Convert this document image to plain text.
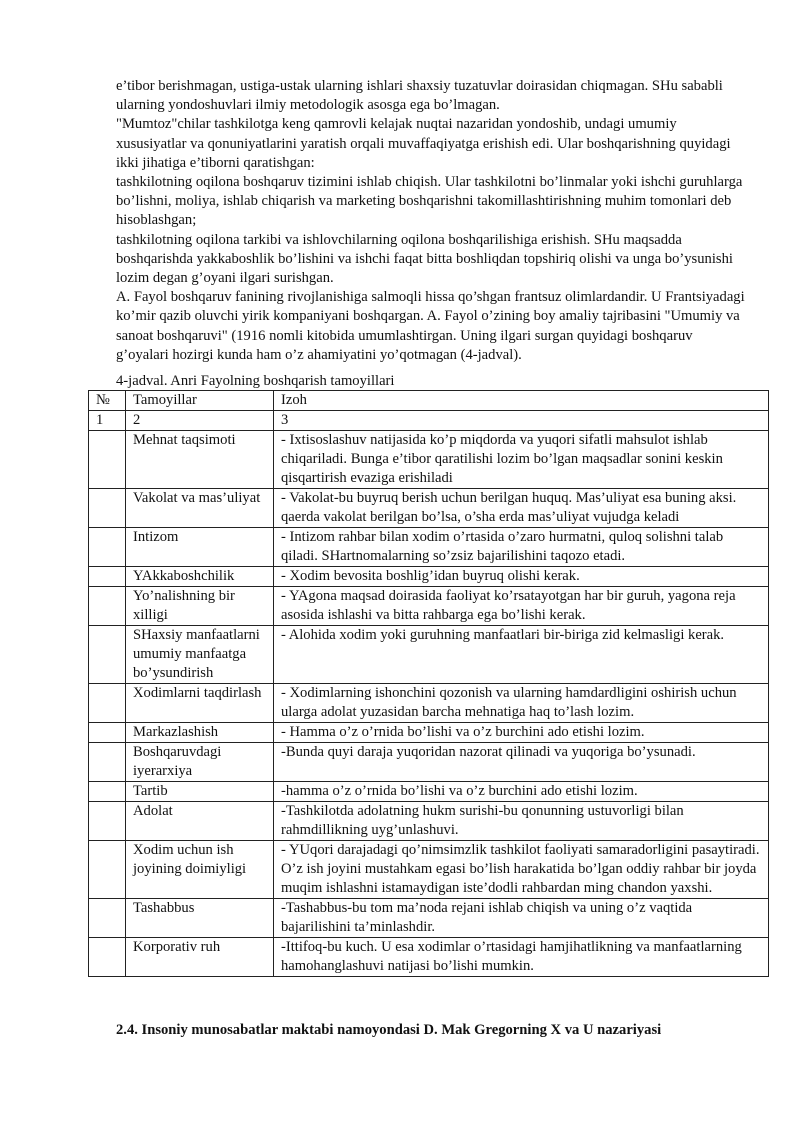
e’tibor berishmagan, ustiga-ustak ularning ishlari shaxsiy tuzatuvlar doirasidan chiqmagan. SHu sababli ularning yondoshuvlari ilmiy metodologik asosga ega bo’lmagan.

"Mumtoz"chilar tashkilotga keng qamrovli kelajak nuqtai nazaridan yondoshib, undagi umumiy xususiyatlar va qonuniyatlarini yaratish orqali muvaffaqiyatga erishish edi. Ular boshqarishning quyidagi ikki jihatiga e’tiborni qaratishgan:

tashkilotning oqilona boshqaruv tizimini ishlab chiqish. Ular tashkilotni bo’linmalar yoki ishchi guruhlarga bo’lishni, moliya, ishlab chiqarish va marketing boshqarishni takomillashtirishning muhim tomonlari deb hisoblashgan;

tashkilotning oqilona tarkibi va ishlovchilarning oqilona boshqarilishiga erishish. SHu maqsadda boshqarishda yakkaboshlik bo’lishini va ishchi faqat bitta boshliqdan topshiriq olishi va unga bo’ysunishi lozim degan g’oyani ilgari surishgan.

A. Fayol boshqaruv fanining rivojlanishiga salmoqli hissa qo’shgan frantsuz olimlardandir. U Frantsiyadagi ko’mir qazib oluvchi yirik kompaniyani boshqargan. A. Fayol o’zining boy amaliy tajribasini "Umumiy va sanoat boshqaruvi" (1916 nomli kitobida umumlashtirgan. Uning ilgari surgan quyidagi boshqaruv g’oyalari hozirgi kunda ham o’z ahamiyatini yo’qotmagan (4-jadval).

4-jadval. Anri Fayolning boshqarish tamoyillari
№	Tamoyillar	Izoh
1	2	3
	Mehnat taqsimoti	- Ixtisoslashuv natijasida ko’p miqdorda va yuqori sifatli mahsulot ishlab chiqariladi. Bunga e’tibor qaratilishi lozim bo’lgan maqsadlar sonini keskin qisqartirish evaziga erishiladi
	Vakolat va mas’uliyat	- Vakolat-bu buyruq berish uchun berilgan huquq. Mas’uliyat esa buning aksi. qaerda vakolat berilgan bo’lsa, o’sha erda mas’uliyat vujudga keladi
	Intizom	- Intizom rahbar bilan xodim o’rtasida o’zaro hurmatni, quloq solishni talab qiladi. SHartnomalarning so’zsiz bajarilishini taqozo etadi.
	YAkkaboshchilik	- Xodim bevosita boshlig’idan buyruq olishi kerak.
	Yo’nalishning bir xilligi	- YAgona maqsad doirasida faoliyat ko’rsatayotgan har bir guruh, yagona reja asosida ishlashi va bitta rahbarga ega bo’lishi kerak.
	SHaxsiy manfaatlarni umumiy manfaatga bo’ysundirish	- Alohida xodim yoki guruhning manfaatlari bir-biriga zid kelmasligi kerak.
	Xodimlarni taqdirlash	- Xodimlarning ishonchini qozonish va ularning hamdardligini oshirish uchun ularga adolat yuzasidan barcha mehnatiga haq to’lash lozim.
	Markazlashish	- Hamma o’z o’rnida bo’lishi va o’z burchini ado etishi lozim.
	Boshqaruvdagi iyerarxiya	-Bunda quyi daraja yuqoridan nazorat qilinadi va yuqoriga bo’ysunadi.
	Tartib	-hamma o’z o’rnida bo’lishi va o’z burchini ado etishi lozim.
	Adolat	-Tashkilotda adolatning hukm surishi-bu qonunning ustuvorligi bilan rahmdillikning uyg’unlashuvi.
	Xodim uchun ish joyining doimiyligi	- YUqori darajadagi qo’nimsimzlik tashkilot faoliyati samaradorligini pasaytiradi. O’z ish joyini mustahkam egasi bo’lish harakatida bo’lgan oddiy rahbar bir joyda muqim ishlashni istamaydigan iste’dodli rahbardan ming chandon yaxshi.
	Tashabbus	-Tashabbus-bu tom ma’noda rejani ishlab chiqish va uning o’z vaqtida bajarilishini ta’minlashdir.
	Korporativ ruh	-Ittifoq-bu kuch. U esa xodimlar o’rtasidagi hamjihatlikning va manfaatlarning hamohanglashuvi natijasi bo’lishi mumkin.
2.4. Insoniy munosabatlar maktabi namoyondasi D. Mak Gregorning X va U nazariyasi
